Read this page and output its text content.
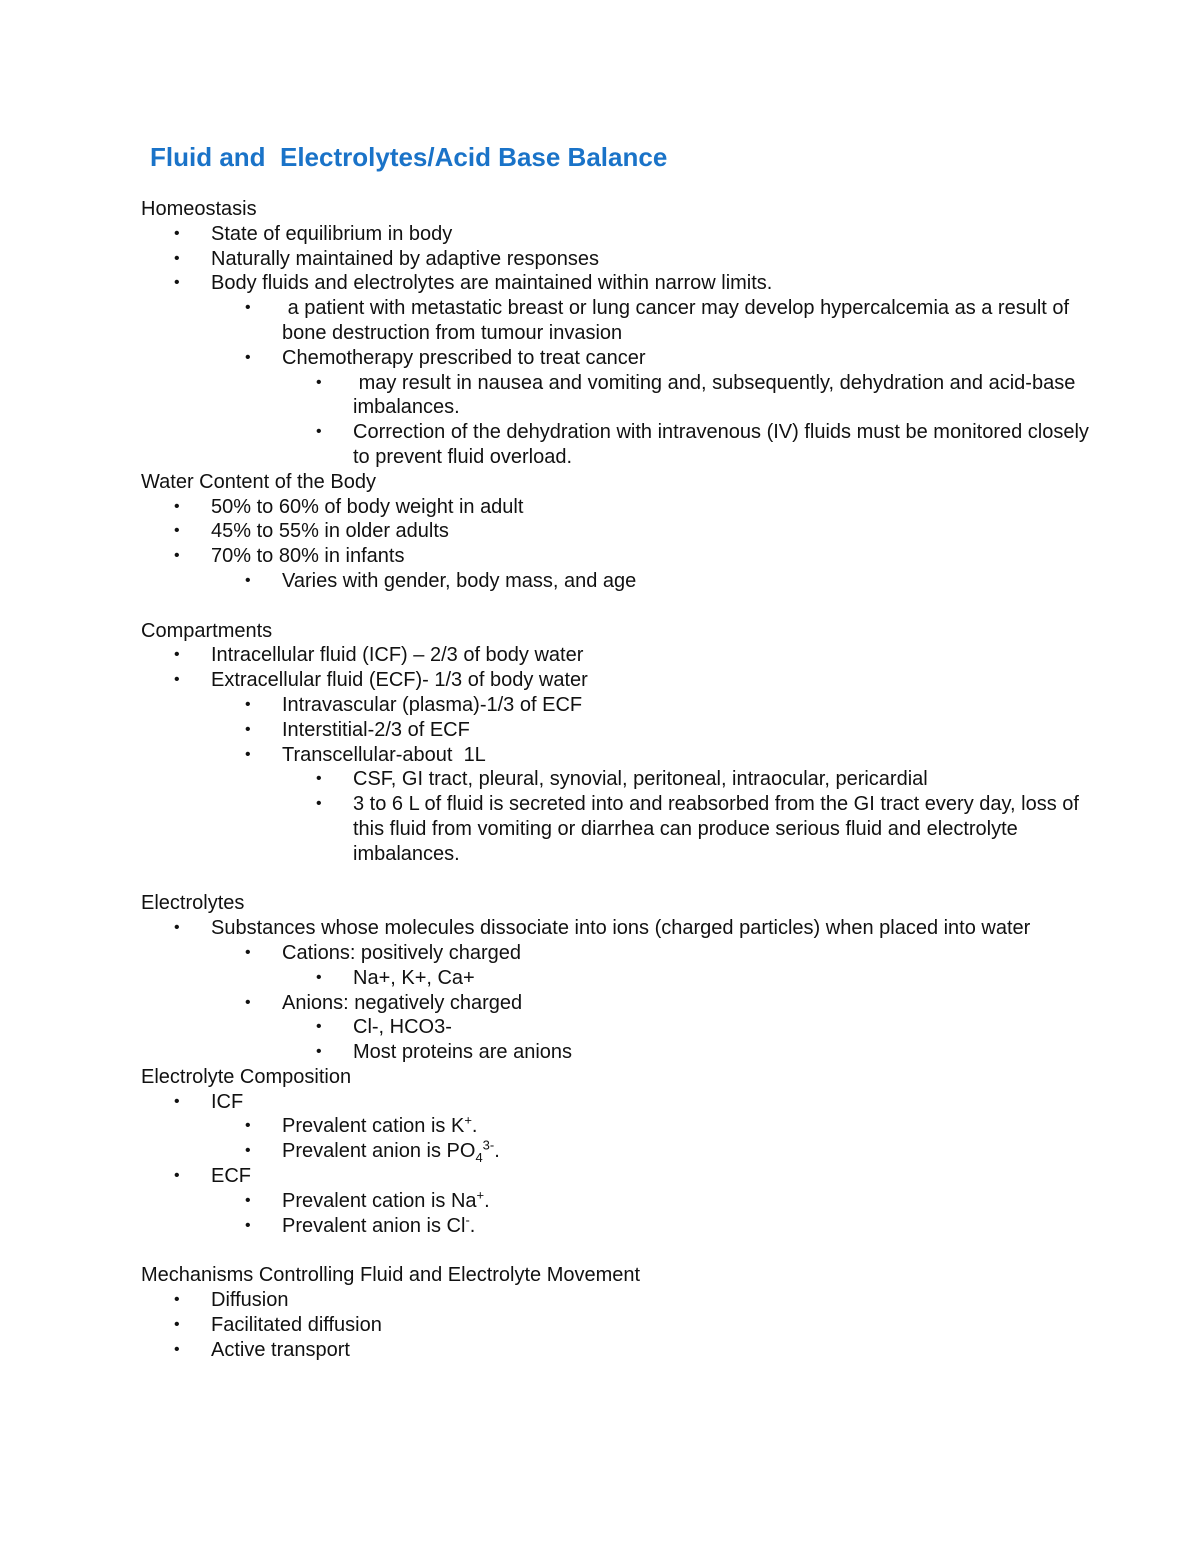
Fluid and  Electrolytes/Acid Base Balance
Homeostasis
• State of equilibrium in body
• Naturally maintained by adaptive responses
• Body fluids and electrolytes are maintained within narrow limits.
• a patient with metastatic breast or lung cancer may develop hypercalcemia as a result of bone destruction from tumour invasion
• Chemotherapy prescribed to treat cancer
• may result in nausea and vomiting and, subsequently, dehydration and acid-base imbalances.
• Correction of the dehydration with intravenous (IV) fluids must be monitored closely to prevent fluid overload.
Water Content of the Body
• 50% to 60% of body weight in adult
• 45% to 55% in older adults
• 70% to 80% in infants
• Varies with gender, body mass, and age
Compartments
• Intracellular fluid (ICF) – 2/3 of body water
• Extracellular fluid (ECF)- 1/3 of body water
• Intravascular (plasma)-1/3 of ECF
• Interstitial-2/3 of ECF
• Transcellular-about  1L
• CSF, GI tract, pleural, synovial, peritoneal, intraocular, pericardial
• 3 to 6 L of fluid is secreted into and reabsorbed from the GI tract every day, loss of this fluid from vomiting or diarrhea can produce serious fluid and electrolyte imbalances.
Electrolytes
• Substances whose molecules dissociate into ions (charged particles) when placed into water
• Cations: positively charged
• Na+, K+, Ca+
• Anions: negatively charged
• Cl-, HCO3-
• Most proteins are anions
Electrolyte Composition
• ICF
• Prevalent cation is K+.
• Prevalent anion is $PO_4^{3-}$.
• ECF
• Prevalent cation is Na+.
• Prevalent anion is Cl-.
Mechanisms Controlling Fluid and Electrolyte Movement
• Diffusion
• Facilitated diffusion
• Active transport
